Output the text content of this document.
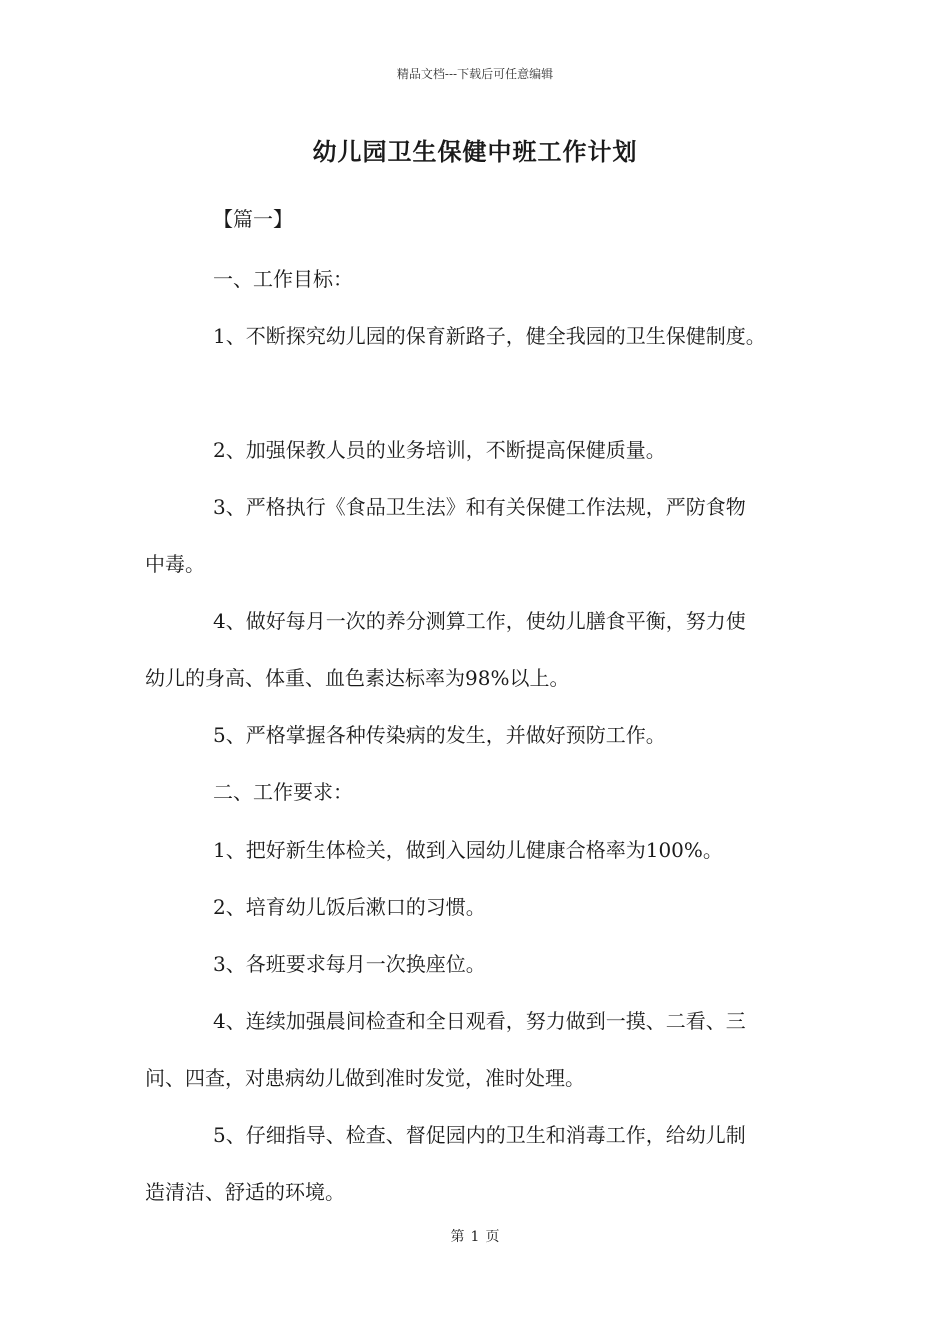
精品文档---下载后可任意编辑
幼儿园卫生保健中班工作计划

【篇一】

一、工作目标：

1、不断探究幼儿园的保育新路子，健全我园的卫生保健制度。

2、加强保教人员的业务培训，不断提高保健质量。

3、严格执行《食品卫生法》和有关保健工作法规，严防食物

中毒。

4、做好每月一次的养分测算工作，使幼儿膳食平衡，努力使

幼儿的身高、体重、血色素达标率为98%以上。

5、严格掌握各种传染病的发生，并做好预防工作。

二、工作要求：

1、把好新生体检关，做到入园幼儿健康合格率为100%。

2、培育幼儿饭后漱口的习惯。

3、各班要求每月一次换座位。

4、连续加强晨间检查和全日观看，努力做到一摸、二看、三

问、四查，对患病幼儿做到准时发觉，准时处理。

5、仔细指导、检查、督促园内的卫生和消毒工作，给幼儿制

造清洁、舒适的环境。

第 1 页
